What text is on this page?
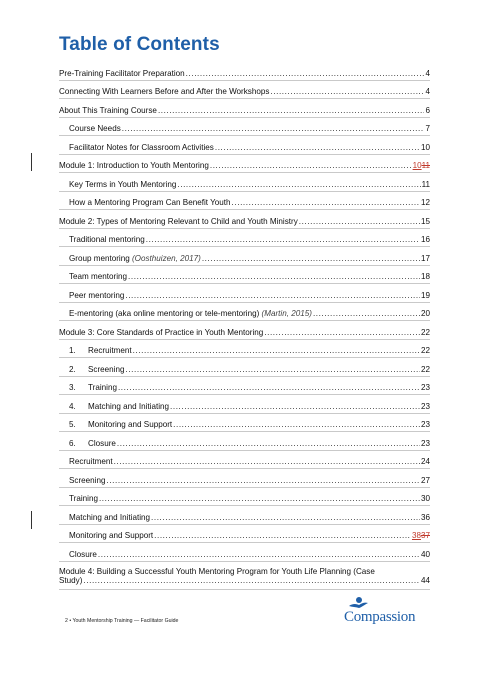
Table of Contents
Pre-Training Facilitator Preparation .....	4
Connecting With Learners Before and After the Workshops .....	4
About This Training Course .....	6
Course Needs .....	7
Facilitator Notes for Classroom Activities .....	10
Module 1: Introduction to Youth Mentoring .....	1011
Key Terms in Youth Mentoring .....	11
How a Mentoring Program Can Benefit Youth .....	12
Module 2: Types of Mentoring Relevant to Child and Youth Ministry .....	15
Traditional mentoring .....	16
Group mentoring (Oosthuizen, 2017) .....	17
Team mentoring .....	18
Peer mentoring .....	19
E-mentoring (aka online mentoring or tele-mentoring) (Martin, 2015) .....	20
Module 3: Core Standards of Practice in Youth Mentoring .....	22
1. Recruitment .....	22
2. Screening .....	22
3. Training .....	23
4. Matching and Initiating .....	23
5. Monitoring and Support .....	23
6. Closure .....	23
Recruitment .....	24
Screening .....	27
Training .....	30
Matching and Initiating .....	36
Monitoring and Support .....	3837
Closure .....	40
Module 4: Building a Successful Youth Mentoring Program for Youth Life Planning (Case
Study) .....	44
2 • Youth Mentorship Training — Facilitator Guide	Compassion
